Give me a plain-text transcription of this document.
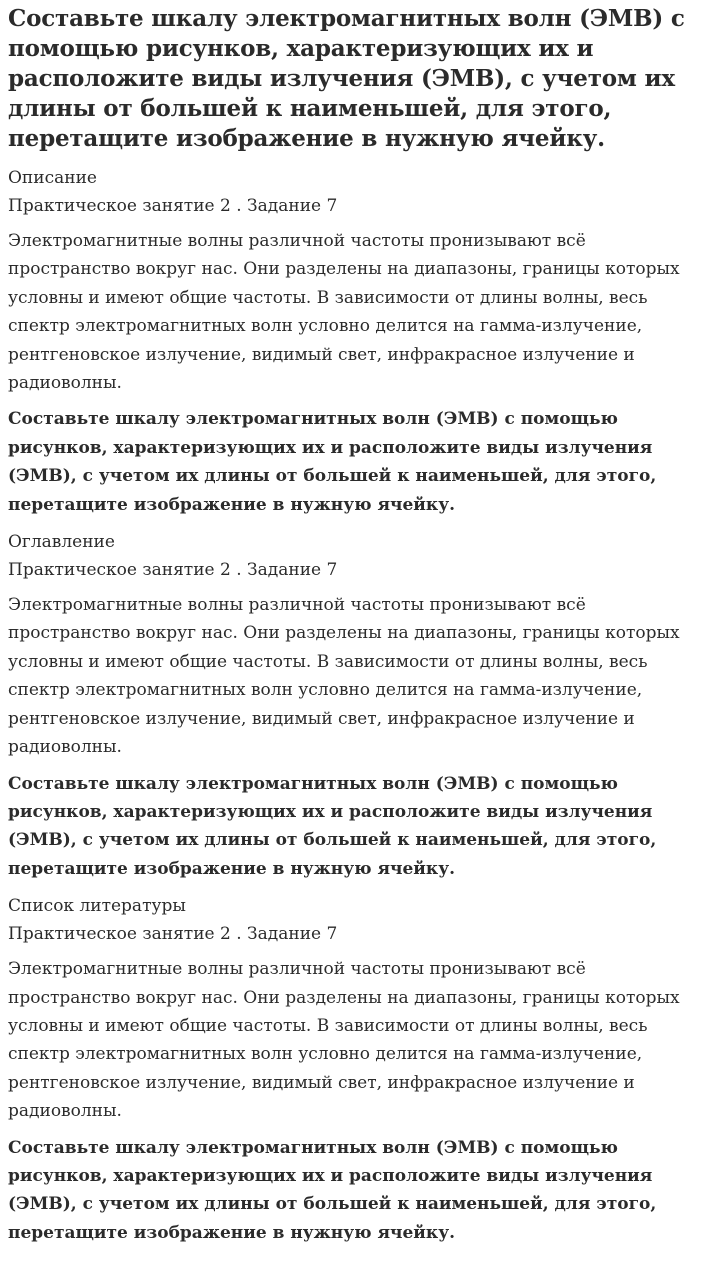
Составьте шкалу электромагнитных волн (ЭМВ) с помощью рисунков, характеризующих их и расположите виды излучения (ЭМВ), с учетом их длины от большей к наименьшей, для этого, перетащите изображение в нужную ячейку.
Описание
Практическое занятие 2 . Задание 7

Электромагнитные волны различной частоты пронизывают всё пространство вокруг нас. Они разделены на диапазоны, границы которых условны и имеют общие частоты. В зависимости от длины волны, весь спектр электромагнитных волн условно делится на гамма-излучение, рентгеновское излучение, видимый свет, инфракрасное излучение и радиоволны.

Составьте шкалу электромагнитных волн (ЭМВ) с помощью рисунков, характеризующих их и расположите виды излучения (ЭМВ), с учетом их длины от большей к наименьшей, для этого, перетащите изображение в нужную ячейку.

Оглавление
Практическое занятие 2 . Задание 7

Электромагнитные волны различной частоты пронизывают всё пространство вокруг нас. Они разделены на диапазоны, границы которых условны и имеют общие частоты. В зависимости от длины волны, весь спектр электромагнитных волн условно делится на гамма-излучение, рентгеновское излучение, видимый свет, инфракрасное излучение и радиоволны.

Составьте шкалу электромагнитных волн (ЭМВ) с помощью рисунков, характеризующих их и расположите виды излучения (ЭМВ), с учетом их длины от большей к наименьшей, для этого, перетащите изображение в нужную ячейку.

Список литературы
Практическое занятие 2 . Задание 7

Электромагнитные волны различной частоты пронизывают всё пространство вокруг нас. Они разделены на диапазоны, границы которых условны и имеют общие частоты. В зависимости от длины волны, весь спектр электромагнитных волн условно делится на гамма-излучение, рентгеновское излучение, видимый свет, инфракрасное излучение и радиоволны.

Составьте шкалу электромагнитных волн (ЭМВ) с помощью рисунков, характеризующих их и расположите виды излучения (ЭМВ), с учетом их длины от большей к наименьшей, для этого, перетащите изображение в нужную ячейку.
